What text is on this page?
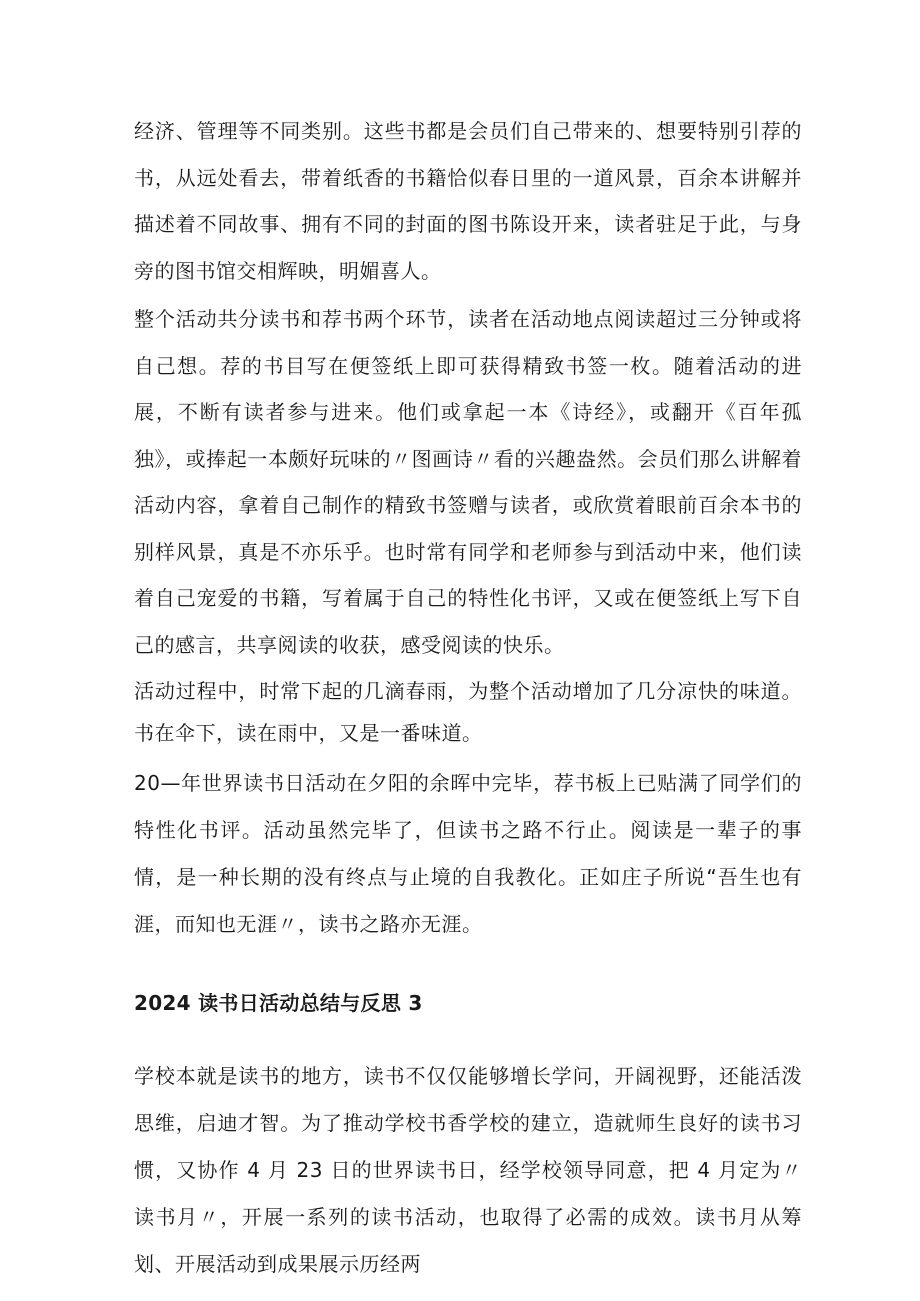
经济、管理等不同类别。这些书都是会员们自己带来的、想要特别引荐的书，从远处看去，带着纸香的书籍恰似春日里的一道风景，百余本讲解并描述着不同故事、拥有不同的封面的图书陈设开来，读者驻足于此，与身旁的图书馆交相辉映，明媚喜人。

整个活动共分读书和荐书两个环节，读者在活动地点阅读超过三分钟或将自己想。荐的书目写在便签纸上即可获得精致书签一枚。随着活动的进展，不断有读者参与进来。他们或拿起一本《诗经》，或翻开《百年孤独》，或捧起一本颇好玩味的〃图画诗〃看的兴趣盎然。会员们那么讲解着活动内容，拿着自己制作的精致书签赠与读者，或欣赏着眼前百余本书的别样风景，真是不亦乐乎。也时常有同学和老师参与到活动中来，他们读着自己宠爱的书籍，写着属于自己的特性化书评，又或在便签纸上写下自己的感言，共享阅读的收获，感受阅读的快乐。

活动过程中，时常下起的几滴春雨，为整个活动增加了几分凉快的味道。书在伞下，读在雨中，又是一番味道。

20—年世界读书日活动在夕阳的余晖中完毕，荐书板上已贴满了同学们的特性化书评。活动虽然完毕了，但读书之路不行止。阅读是一辈子的事情，是一种长期的没有终点与止境的自我教化。正如庄子所说“吾生也有涯，而知也无涯〃，读书之路亦无涯。

2024 读书日活动总结与反思 3

学校本就是读书的地方，读书不仅仅能够增长学问，开阔视野，还能活泼思维，启迪才智。为了推动学校书香学校的建立，造就师生良好的读书习惯，又协作 4 月 23 日的世界读书日，经学校领导同意，把 4 月定为〃读书月〃，开展一系列的读书活动，也取得了必需的成效。读书月从筹划、开展活动到成果展示历经两
